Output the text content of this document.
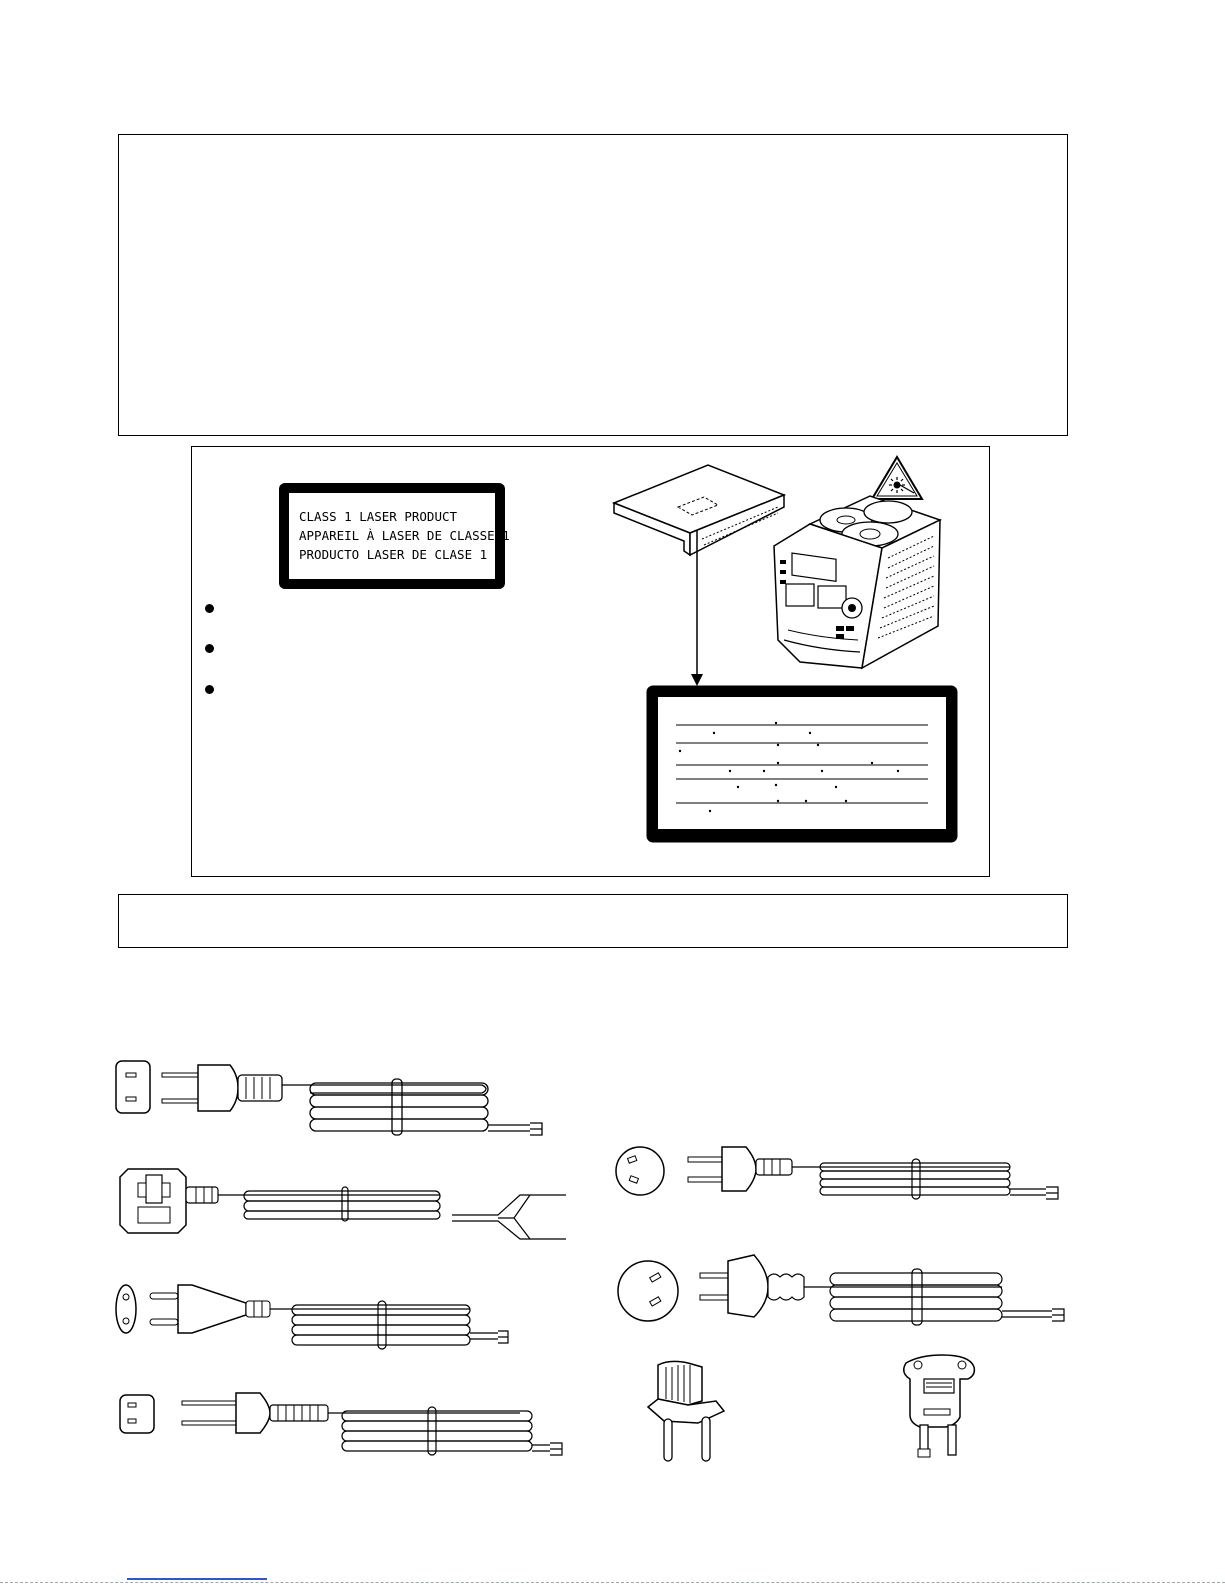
CLASS 1 LASER PRODUCT
APPAREIL À LASER DE CLASSE 1
PRODUCTO LASER DE CLASE 1
